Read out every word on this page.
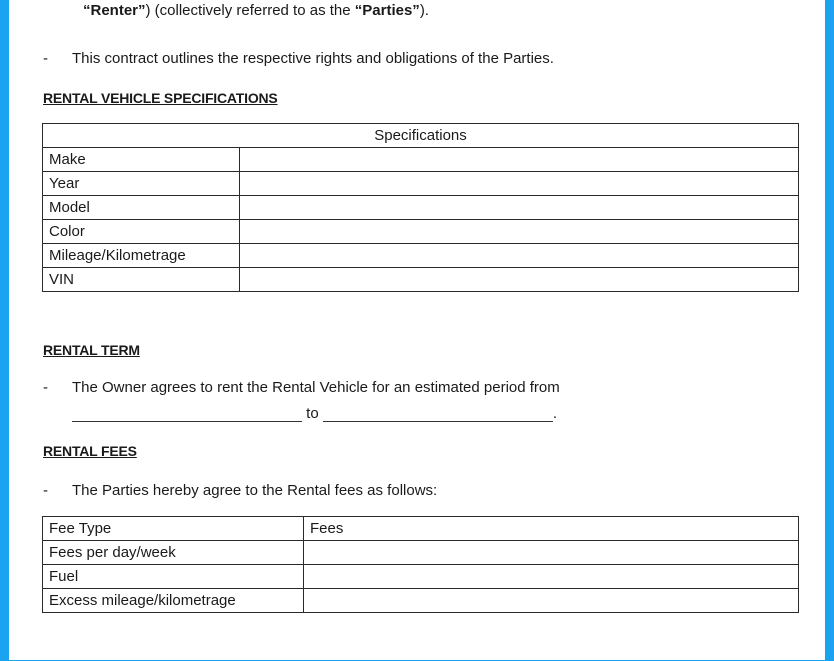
“Renter”) (collectively referred to as the “Parties”).
- This contract outlines the respective rights and obligations of the Parties.
RENTAL VEHICLE SPECIFICATIONS
Specifications	
Make	
Year	
Model	
Color	
Mileage/Kilometrage	
VIN	
RENTAL TERM
- The Owner agrees to rent the Rental Vehicle for an estimated period from
to	.
RENTAL FEES
- The Parties hereby agree to the Rental fees as follows:
Fee Type	Fees
Fees per day/week	
Fuel	
Excess mileage/kilometrage	
